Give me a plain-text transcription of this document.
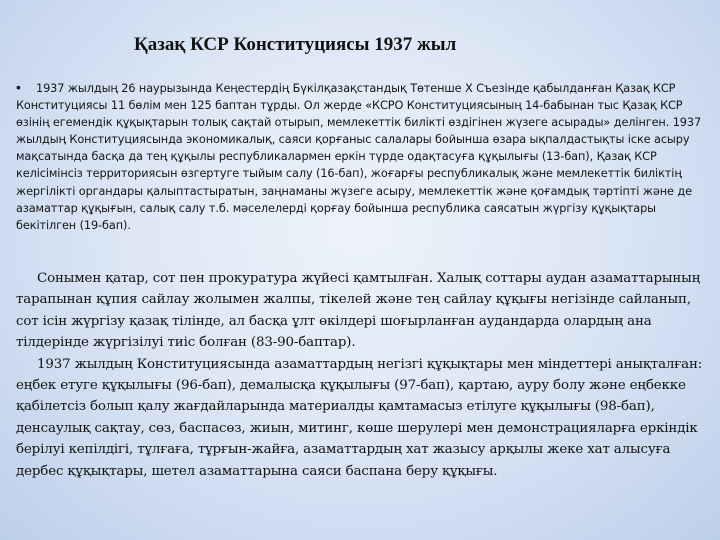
Қазақ КСР Конституциясы 1937 жыл
•	1937 жылдың 26 наурызында Кеңестердің Бүкілқазақстандық Төтенше Х Съезінде қабылданған Қазақ КСР Конституциясы 11 бөлім мен 125 баптан тұрды. Ол жерде «КСРО Конституциясының 14-бабынан тыс Қазақ КСР өзінің егемендік құқықтарын толық сақтай отырып, мемлекеттік билікті өздігінен жүзеге асырады» делінген. 1937 жылдың Конституциясында экономикалық, саяси қорғаныс салалары бойынша өзара ықпалдастықты іске асыру мақсатында басқа да тең құқылы республикалармен еркін түрде одақтасуға құқылығы (13-бап), Қазақ КСР келісімінсіз территориясын өзгертуге тыйым салу (16-бап), жоғарғы республикалық және мемлекеттік биліктің жергілікті органдары қалыптастыратын, заңнаманы жүзеге асыру, мемлекеттік және қоғамдық тәртіпті және де азаматтар құқығын, салық салу т.б. мәселелерді қорғау бойынша республика саясатын жүргізу құқықтары бекітілген (19-бап).

Сонымен қатар, сот пен прокуратура жүйесі қамтылған. Халық соттары аудан азаматтарының тарапынан құпия сайлау жолымен жалпы, тікелей және тең сайлау құқығы негізінде сайланып, сот ісін жүргізу қазақ тілінде, ал басқа ұлт өкілдері шоғырланған аудандарда олардың ана тілдерінде жүргізілуі тиіс болған (83-90-баптар).

1937 жылдың Конституциясында азаматтардың негізгі құқықтары мен міндеттері анықталған: еңбек етуге құқылығы (96-бап), демалысқа құқылығы (97-бап), қартаю, ауру болу және еңбекке қабілетсіз болып қалу жағдайларында материалды қамтамасыз етілуге құқылығы (98-бап), денсаулық сақтау, сөз, баспасөз, жиын, митинг, көше шерулері мен демонстрацияларға еркіндік берілуі кепілдігі, тұлғаға, тұрғын-жайға, азаматтардың хат жазысу арқылы жеке хат алысуға дербес құқықтары, шетел азаматтарына саяси баспана беру құқығы.
